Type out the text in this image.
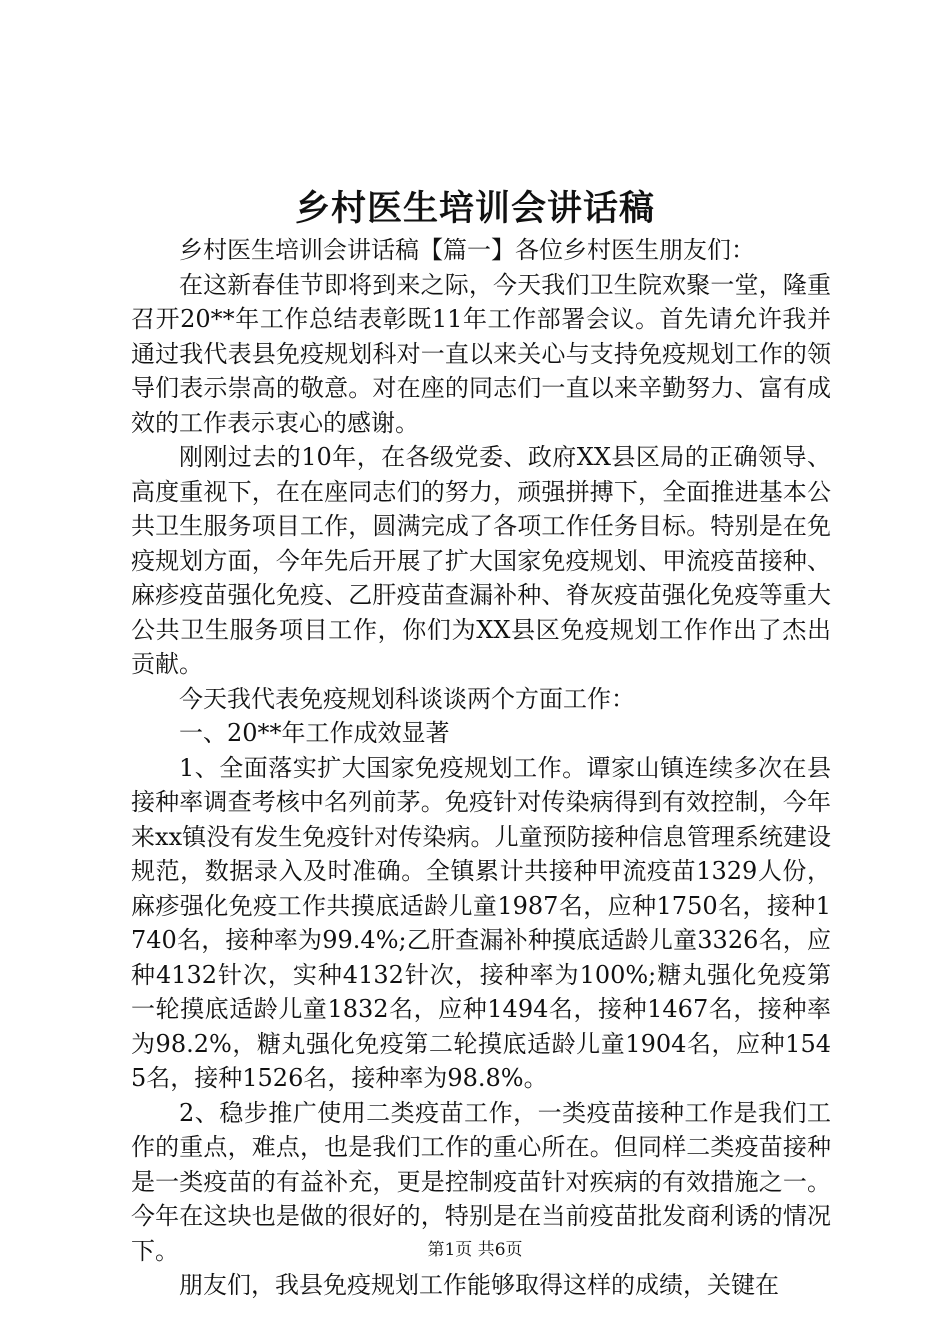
乡村医生培训会讲话稿

乡村医生培训会讲话稿【篇一】各位乡村医生朋友们：

在这新春佳节即将到来之际，今天我们卫生院欢聚一堂，隆重召开20**年工作总结表彰既11年工作部署会议。首先请允许我并通过我代表县免疫规划科对一直以来关心与支持免疫规划工作的领导们表示崇高的敬意。对在座的同志们一直以来辛勤努力、富有成效的工作表示衷心的感谢。

刚刚过去的10年，在各级党委、政府XX县区局的正确领导、高度重视下，在在座同志们的努力，顽强拼搏下，全面推进基本公共卫生服务项目工作，圆满完成了各项工作任务目标。特别是在免疫规划方面，今年先后开展了扩大国家免疫规划、甲流疫苗接种、麻疹疫苗强化免疫、乙肝疫苗查漏补种、脊灰疫苗强化免疫等重大公共卫生服务项目工作，你们为XX县区免疫规划工作作出了杰出贡献。

今天我代表免疫规划科谈谈两个方面工作：

一、20**年工作成效显著

1、全面落实扩大国家免疫规划工作。谭家山镇连续多次在县接种率调查考核中名列前茅。免疫针对传染病得到有效控制，今年来xx镇没有发生免疫针对传染病。儿童预防接种信息管理系统建设规范，数据录入及时准确。全镇累计共接种甲流疫苗1329人份，麻疹强化免疫工作共摸底适龄儿童1987名，应种1750名，接种1740名，接种率为99.4%;乙肝查漏补种摸底适龄儿童3326名，应种4132针次，实种4132针次，接种率为100%;糖丸强化免疫第一轮摸底适龄儿童1832名，应种1494名，接种1467名，接种率为98.2%，糖丸强化免疫第二轮摸底适龄儿童1904名，应种1545名，接种1526名，接种率为98.8%。

2、稳步推广使用二类疫苗工作，一类疫苗接种工作是我们工作的重点，难点，也是我们工作的重心所在。但同样二类疫苗接种是一类疫苗的有益补充，更是控制疫苗针对疾病的有效措施之一。今年在这块也是做的很好的，特别是在当前疫苗批发商利诱的情况下。

朋友们，我县免疫规划工作能够取得这样的成绩，关键在

第1页 共6页
